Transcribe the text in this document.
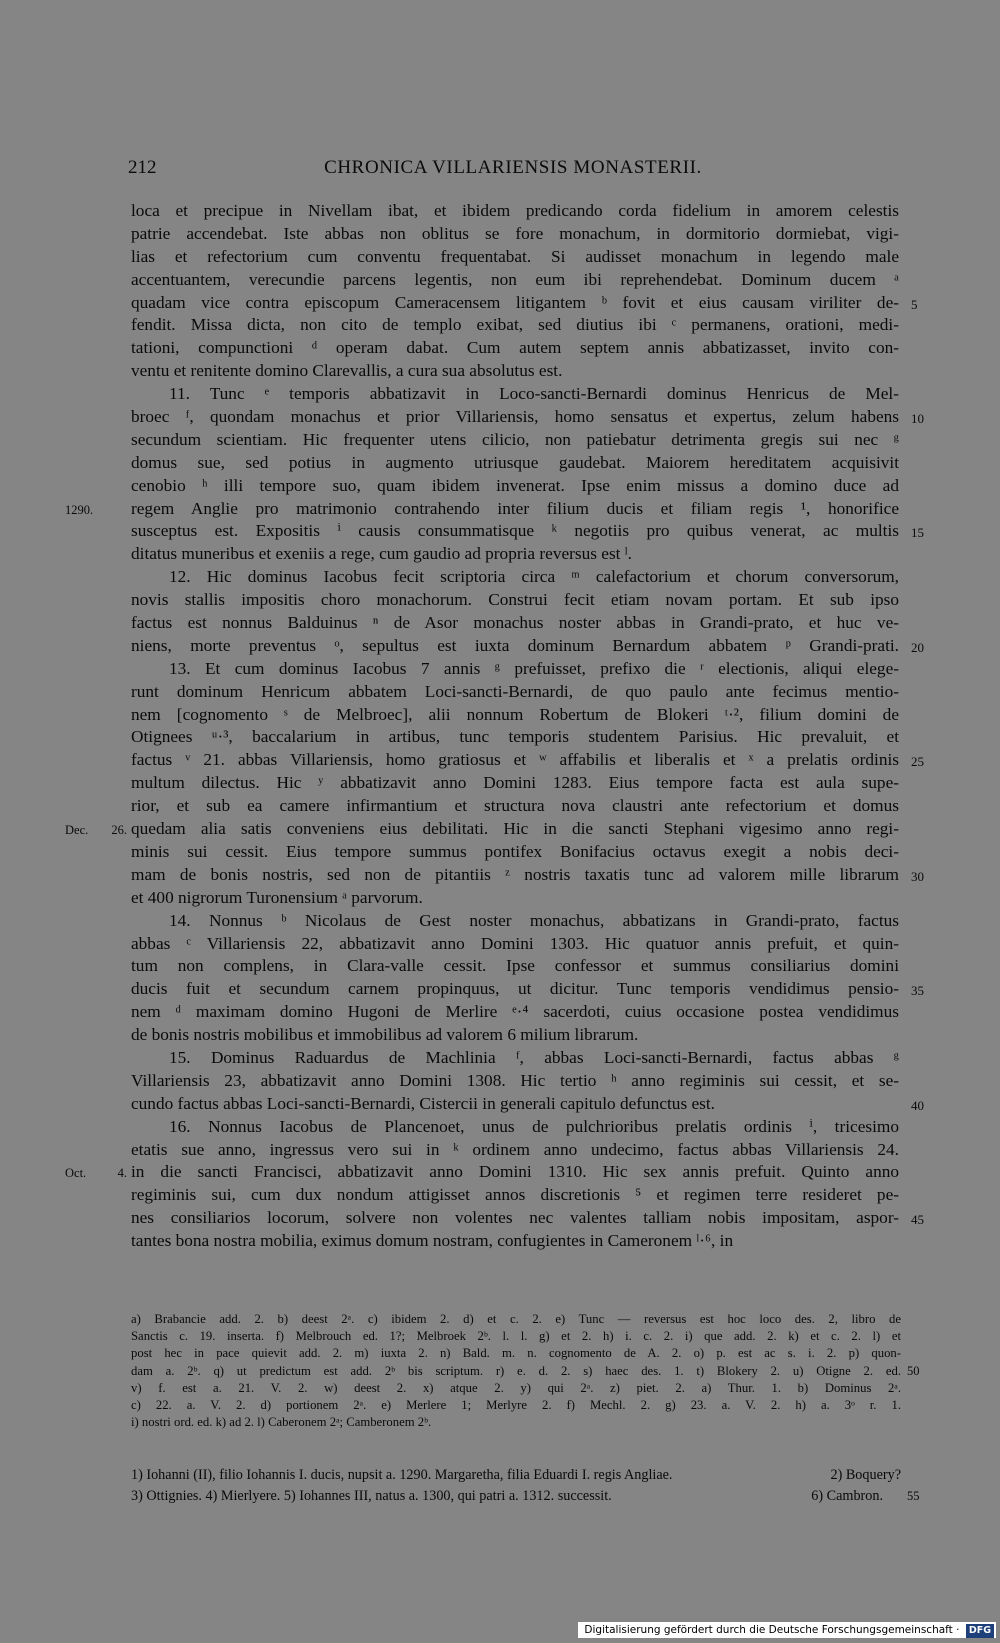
212	CHRONICA VILLARIENSIS MONASTERII.
loca et precipue in Nivellam ibat, et ibidem predicando corda fidelium in amorem celestis
patrie accendebat. Iste abbas non oblitus se fore monachum, in dormitorio dormiebat, vigi-
lias et refectorium cum conventu frequentabat. Si audisset monachum in legendo male
accentuantem, verecundie parcens legentis, non eum ibi reprehendebat. Dominum ducem ᵃ
quadam vice contra episcopum Cameracensem litigantem ᵇ fovit et eius causam viriliter de- 5
fendit. Missa dicta, non cito de templo exibat, sed diutius ibi ᶜ permanens, orationi, medi-
tationi, compunctioni ᵈ operam dabat. Cum autem septem annis abbatizasset, invito con-
ventu et renitente domino Clarevallis, a cura sua absolutus est.
11. Tunc ᵉ temporis abbatizavit in Loco-sancti-Bernardi dominus Henricus de Mel-
broec ᶠ, quondam monachus et prior Villariensis, homo sensatus et expertus, zelum habens 10
secundum scientiam. Hic frequenter utens cilicio, non patiebatur detrimenta gregis sui nec ᵍ
domus sue, sed potius in augmento utriusque gaudebat. Maiorem hereditatem acquisivit
cenobio ʰ illi tempore suo, quam ibidem invenerat. Ipse enim missus a domino duce ad
regem Anglie pro matrimonio contrahendo inter filium ducis et filiam regis ¹, honorifice
1290.
susceptus est. Expositis ⁱ causis consummatisque ᵏ negotiis pro quibus venerat, ac multis 15
ditatus muneribus et exeniis a rege, cum gaudio ad propria reversus est ˡ.
12. Hic dominus Iacobus fecit scriptoria circa ᵐ calefactorium et chorum conversorum,
novis stallis impositis choro monachorum. Construi fecit etiam novam portam. Et sub ipso
factus est nonnus Balduinus ⁿ de Asor monachus noster abbas in Grandi-prato, et huc ve-
niens, morte preventus ᵒ, sepultus est iuxta dominum Bernardum abbatem ᵖ Grandi-prati. 20
13. Et cum dominus Iacobus 7 annis ᵍ prefuisset, prefixo die ʳ electionis, aliqui elege-
runt dominum Henricum abbatem Loci-sancti-Bernardi, de quo paulo ante fecimus mentio-
nem [cognomento ˢ de Melbroec], alii nonnum Robertum de Blokeri ᵗ·², filium domini de
Otignees ᵘ·³, baccalarium in artibus, tunc temporis studentem Parisius. Hic prevaluit, et
factus ᵛ 21. abbas Villariensis, homo gratiosus et ʷ affabilis et liberalis et ˣ a prelatis ordinis 25
multum dilectus. Hic ʸ abbatizavit anno Domini 1283. Eius tempore facta est aula supe-
rior, et sub ea camere infirmantium et structura nova claustri ante refectorium et domus
quedam alia satis conveniens eius debilitati. Hic in die sancti Stephani vigesimo anno regi-
Dec. 26.
minis sui cessit. Eius tempore summus pontifex Bonifacius octavus exegit a nobis deci-
mam de bonis nostris, sed non de pitantiis ᶻ nostris taxatis tunc ad valorem mille librarum 30
et 400 nigrorum Turonensium ᵃ parvorum.
14. Nonnus ᵇ Nicolaus de Gest noster monachus, abbatizans in Grandi-prato, factus
abbas ᶜ Villariensis 22, abbatizavit anno Domini 1303. Hic quatuor annis prefuit, et quin-
tum non complens, in Clara-valle cessit. Ipse confessor et summus consiliarius domini
ducis fuit et secundum carnem propinquus, ut dicitur. Tunc temporis vendidimus pensio- 35
nem ᵈ maximam domino Hugoni de Merlire ᵉ·⁴ sacerdoti, cuius occasione postea vendidimus
de bonis nostris mobilibus et immobilibus ad valorem 6 milium librarum.
15. Dominus Raduardus de Machlinia ᶠ, abbas Loci-sancti-Bernardi, factus abbas ᵍ
Villariensis 23, abbatizavit anno Domini 1308. Hic tertio ʰ anno regiminis sui cessit, et se-
cundo factus abbas Loci-sancti-Bernardi, Cistercii in generali capitulo defunctus est.	40
16. Nonnus Iacobus de Plancenoet, unus de pulchrioribus prelatis ordinis ⁱ, tricesimo
etatis sue anno, ingressus vero sui in ᵏ ordinem anno undecimo, factus abbas Villariensis 24.
in die sancti Francisci, abbatizavit anno Domini 1310. Hic sex annis prefuit. Quinto anno
Oct. 4.
regiminis sui, cum dux nondum attigisset annos discretionis ⁵ et regimen terre resideret pe-
nes consiliarios locorum, solvere non volentes nec valentes talliam nobis impositam, aspor- 45
tantes bona nostra mobilia, eximus domum nostram, confugientes in Cameronem ˡ·⁶, in
a) Brabancie add. 2. b) deest 2ᵃ. c) ibidem 2. d) et c. 2. e) Tunc — reversus est hoc loco des. 2, libro de
Sanctis c. 19. inserta. f) Melbrouch ed. 1?; Melbroek 2ᵇ. l. l. g) et 2. h) i. c. 2. i) que add. 2. k) et c. 2. l) et
post hec in pace quievit add. 2. m) iuxta 2. n) Bald. m. n. cognomento de A. 2. o) p. est ac s. i. 2. p) quon-
dam a. 2ᵇ. q) ut predictum est add. 2ᵇ bis scriptum. r) e. d. 2. s) haec des. 1. t) Blokery 2. u) Otigne 2. ed. 50
v) f. est a. 21. V. 2. w) deest 2. x) atque 2. y) qui 2ᵃ. z) piet. 2. a) Thur. 1. b) Dominus 2ᵃ.
c) 22. a. V. 2. d) portionem 2ᵃ. e) Merlere 1; Merlyre 2. f) Mechl. 2. g) 23. a. V. 2. h) a. 3ᵒ r. 1.
i) nostri ord. ed. k) ad 2. l) Caberonem 2ᵃ; Camberonem 2ᵇ.
1) Iohanni (II), filio Iohannis I. ducis, nupsit a. 1290. Margaretha, filia Eduardi I. regis Angliae.	2) Boquery?
3) Ottignies. 4) Mierlyere. 5) Iohannes III, natus a. 1300, qui patri a. 1312. successit.	6) Cambron. 55
Digitalisierung gefördert durch die Deutsche Forschungsgemeinschaft · DFG
